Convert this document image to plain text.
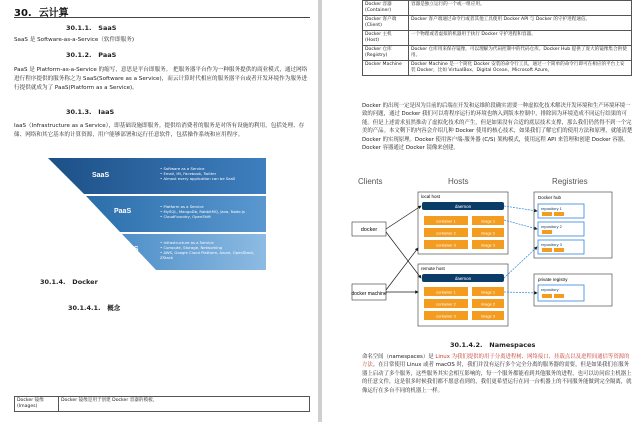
30. 云计算
30.1.1. SaaS
SaaS 是 Software-as-a-Service（软件即服务)
30.1.2. PaaS
PaaS 是 Platform-as-a-Service 的缩写，意思是平台即服务。 把服务器平台作为一种服务提供的商业模式，通过网络进行程序提供的服务称之为 SaaS(Software as a Service)，而云计算时代相应的服务器平台或者开发环境作为服务进行提供就成为了 PaaS(Platform as a Service)。
30.1.3. IaaS
IaaS（Infrastructure as a Service），即基础设施即服务。提供给消费者的服务是对所有设施的利用，包括处理、存储、网络和其它基本的计算资源，用户能够部署和运行任意软件，包括操作系统和应用程序。
SaaS
PaaS
IaaS
• Software as a Service
• Email, IM, Facebook, Twitter
• Almost every application can be SaaS
• Platform as a Service
• MySQL, MangoDb, RabbitMQ, Java, Node.js
• CloudFoundry, OpenShift
• Infrastructure as a Service
• Compute, Storage, Networking
• AWS, Google Cloud Platform, Azure, OpenStack, ZStack
30.1.4. Docker
30.1.4.1. 概念
Docker 镜像 (Images)	Docker 镜像是用于创建 Docker 容器的模板。
Docker 容器 (Container)	容器是独立运行的一个或一组应用。
Docker 客户端 (Client)	Docker 客户端通过命令行或者其他工具使用 Docker API 与 Docker 的守护进程通信。
Docker 主机 (Host)	一个物理或者虚拟的机器用于执行 Docker 守护进程和容器。
Docker 仓库 (Registry)	Docker 仓库用来保存镜像，可以理解为代码控制中的代码仓库。Docker Hub 提供了庞大的镜像集合供使用。
Docker Machine	Docker Machine 是一个简化 Docker 安装的命令行工具，通过一个简单的命令行即可在相应的平台上安装 Docker，比如 VirtualBox、Digital Ocean、Microsoft Azure。
Docker 的出现一定是因为目前的后端在开发和运维阶段确实需要一种虚拟化技术解决开发环境和生产环境环境一致的问题，通过 Docker 我们可以将程序运行的环境也纳入到版本控制中，排除因为环境造成不同运行结果的可能。但是上述需求虽然推动了虚拟化技术的产生，但是如果没有合适的底层技术支撑，那么我们仍然得不到一个完美的产品。本文剩下的内容会介绍几种 Docker 使用的核心技术，如果我们了解它们的使用方法和原理，就能清楚 Docker 的实现原理。Docker 使用客户端-服务器 (C/S) 架构模式，使用远程 API 来管理和创建 Docker 容器。Docker 容器通过 Docker 镜像来创建。
Clients	Hosts	Registries
docker
docker machine
local host
daemon
container 1
container 2
container 3
image 1
image 2
image 3
remote host
daemon
container 1
container 2
container 3
image 1
image 2
image 3
Docker hub
repository 1
repository 2
repository 3
private registry
repository
30.1.4.2. Namespaces
命名空间（namespaces）是 Linux 为我们提供的用于分离进程树、网络接口、挂载点以及进程间通信等资源的方法。在日常使用 Linux 或者 macOS 时，我们并没有运行多个完全分离的服务器的需要，但是如果我们在服务器上启动了多个服务，这些服务其实会相互影响的，每一个服务都能看到其他服务的进程，也可以访问宿主机器上的任意文件，这是很多时候我们都不愿意看到的，我们更希望运行在同一台机器上的不同服务能做到完全隔离，就像运行在多台不同的机器上一样。
